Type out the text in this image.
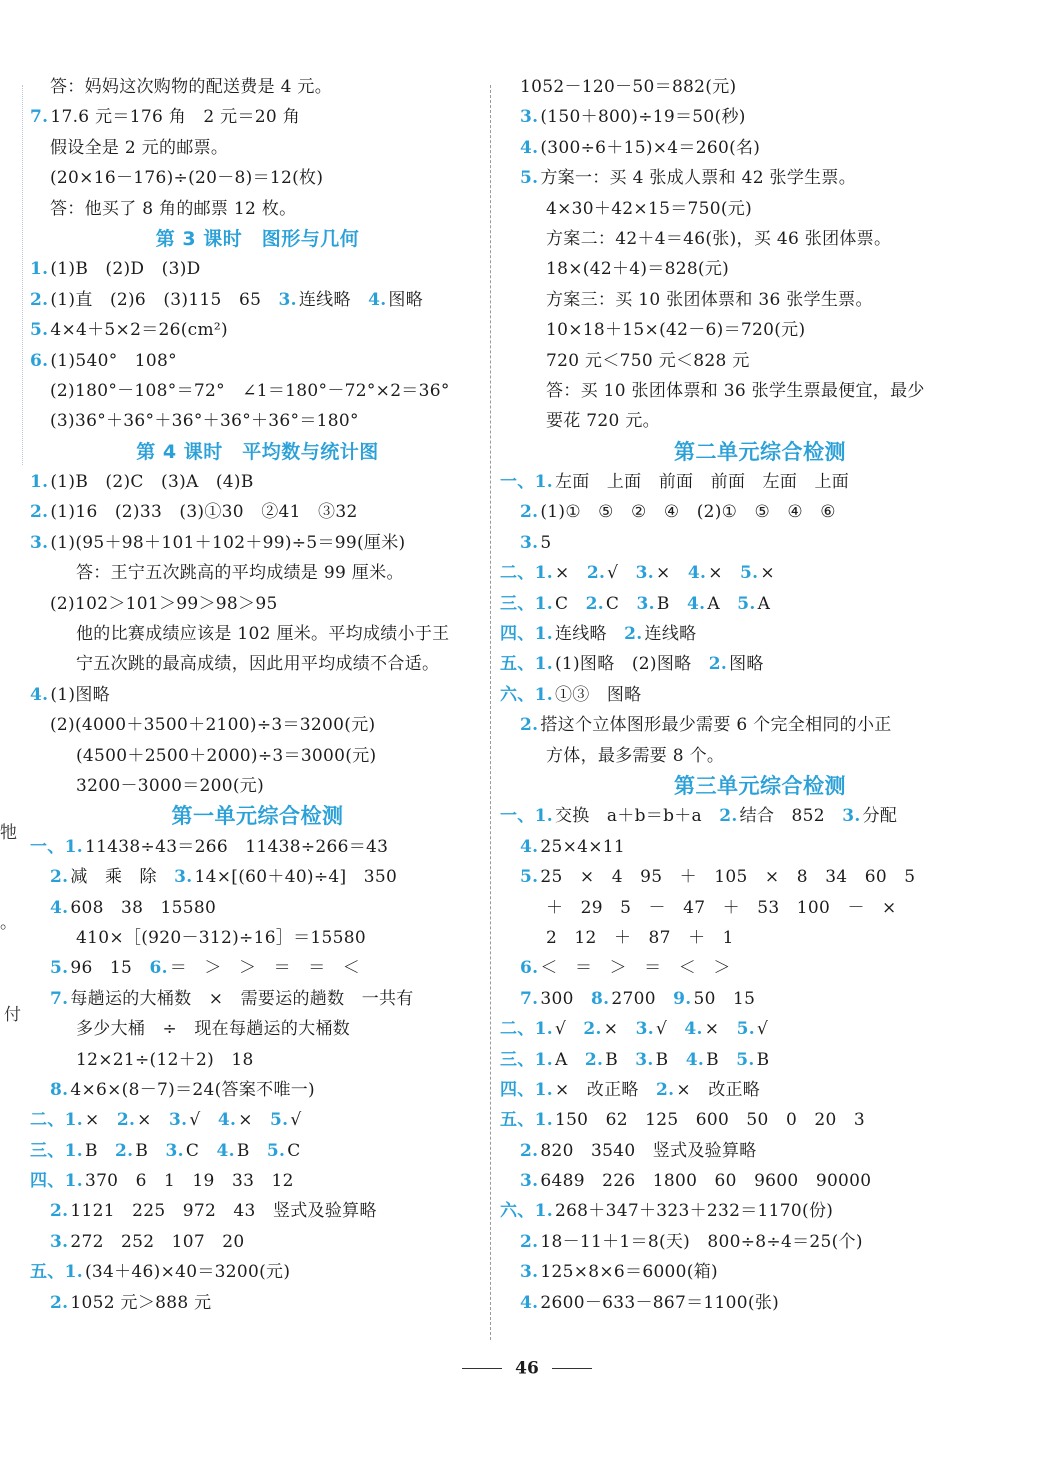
牠
。
付
答：妈妈这次购物的配送费是 4 元。
7. 17.6 元＝176 角　2 元＝20 角
假设全是 2 元的邮票。
(20×16－176)÷(20－8)＝12(枚)
答：他买了 8 角的邮票 12 枚。
第 3 课时　图形与几何
1. (1)B　(2)D　(3)D
2. (1)直　(2)6　(3)115　65　3. 连线略　4. 图略
5. 4×4＋5×2＝26(cm²)
6. (1)540°　108°
(2)180°－108°＝72°　∠1＝180°－72°×2＝36°
(3)36°＋36°＋36°＋36°＋36°＝180°
第 4 课时　平均数与统计图
1. (1)B　(2)C　(3)A　(4)B
2. (1)16　(2)33　(3)①30　②41　③32
3. (1)(95＋98＋101＋102＋99)÷5＝99(厘米)
答：王宁五次跳高的平均成绩是 99 厘米。
(2)102＞101＞99＞98＞95
他的比赛成绩应该是 102 厘米。平均成绩小于王
宁五次跳的最高成绩，因此用平均成绩不合适。
4. (1)图略
(2)(4000＋3500＋2100)÷3＝3200(元)
(4500＋2500＋2000)÷3＝3000(元)
3200－3000＝200(元)
第一单元综合检测
一、1. 11438÷43＝266　11438÷266＝43
2. 减　乘　除　3. 14×[(60＋40)÷4]　350
4. 608　38　15580
410×［(920－312)÷16］＝15580
5. 96　15　6. ＝　＞　＞　＝　＝　＜
7. 每趟运的大桶数　×　需要运的趟数　一共有
多少大桶　÷　现在每趟运的大桶数
12×21÷(12＋2)　18
8. 4×6×(8－7)＝24(答案不唯一)
二、1. ×　2. ×　3. √　4. ×　5. √
三、1. B　2. B　3. C　4. B　5. C
四、1. 370　6　1　19　33　12
2. 1121　225　972　43　竖式及验算略
3. 272　252　107　20
五、1. (34＋46)×40＝3200(元)
2. 1052 元＞888 元
1052－120－50＝882(元)
3. (150＋800)÷19＝50(秒)
4. (300÷6＋15)×4＝260(名)
5. 方案一：买 4 张成人票和 42 张学生票。
4×30＋42×15＝750(元)
方案二：42＋4＝46(张)，买 46 张团体票。
18×(42＋4)＝828(元)
方案三：买 10 张团体票和 36 张学生票。
10×18＋15×(42－6)＝720(元)
720 元＜750 元＜828 元
答：买 10 张团体票和 36 张学生票最便宜，最少
要花 720 元。
第二单元综合检测
一、1. 左面　上面　前面　前面　左面　上面
2. (1)①　⑤　②　④　(2)①　⑤　④　⑥
3. 5
二、1. ×　2. √　3. ×　4. ×　5. ×
三、1. C　2. C　3. B　4. A　5. A
四、1. 连线略　2. 连线略
五、1. (1)图略　(2)图略　2. 图略
六、1. ①③　图略
2. 搭这个立体图形最少需要 6 个完全相同的小正
方体，最多需要 8 个。
第三单元综合检测
一、1. 交换　a＋b＝b＋a　2. 结合　852　3. 分配
4. 25×4×11
5. 25　×　4　95　＋　105　×　8　34　60　5
＋　29　5　－　47　＋　53　100　－　×
2　12　＋　87　＋　1
6. ＜　＝　＞　＝　＜　＞
7. 300　8. 2700　9. 50　15
二、1. √　2. ×　3. √　4. ×　5. √
三、1. A　2. B　3. B　4. B　5. B
四、1. ×　改正略　2. ×　改正略
五、1. 150　62　125　600　50　0　20　3
2. 820　3540　竖式及验算略
3. 6489　226　1800　60　9600　90000
六、1. 268＋347＋323＋232＝1170(份)
2. 18－11＋1＝8(天)　800÷8÷4＝25(个)
3. 125×8×6＝6000(箱)
4. 2600－633－867＝1100(张)
46
